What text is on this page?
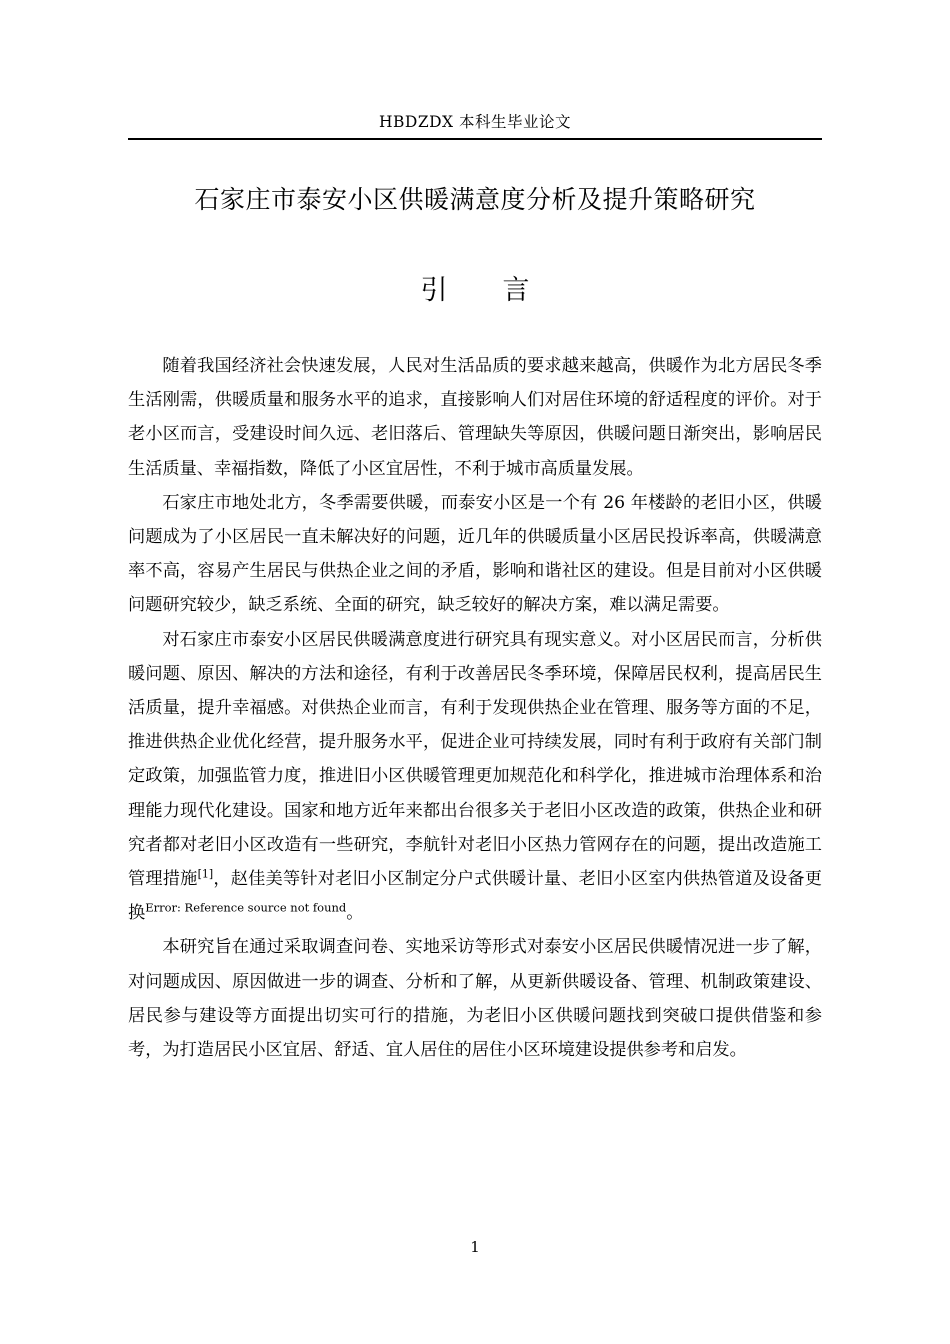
HBDZDX 本科生毕业论文
石家庄市泰安小区供暖满意度分析及提升策略研究
引　言

随着我国经济社会快速发展，人民对生活品质的要求越来越高，供暖作为北方居民冬季生活刚需，供暖质量和服务水平的追求，直接影响人们对居住环境的舒适程度的评价。对于老小区而言，受建设时间久远、老旧落后、管理缺失等原因，供暖问题日渐突出，影响居民生活质量、幸福指数，降低了小区宜居性，不利于城市高质量发展。

石家庄市地处北方，冬季需要供暖，而泰安小区是一个有 26 年楼龄的老旧小区，供暖问题成为了小区居民一直未解决好的问题，近几年的供暖质量小区居民投诉率高，供暖满意率不高，容易产生居民与供热企业之间的矛盾，影响和谐社区的建设。但是目前对小区供暖问题研究较少，缺乏系统、全面的研究，缺乏较好的解决方案，难以满足需要。

对石家庄市泰安小区居民供暖满意度进行研究具有现实意义。对小区居民而言，分析供暖问题、原因、解决的方法和途径，有利于改善居民冬季环境，保障居民权利，提高居民生活质量，提升幸福感。对供热企业而言，有利于发现供热企业在管理、服务等方面的不足，推进供热企业优化经营，提升服务水平，促进企业可持续发展，同时有利于政府有关部门制定政策，加强监管力度，推进旧小区供暖管理更加规范化和科学化，推进城市治理体系和治理能力现代化建设。国家和地方近年来都出台很多关于老旧小区改造的政策，供热企业和研究者都对老旧小区改造有一些研究，李航针对老旧小区热力管网存在的问题，提出改造施工管理措施[1]，赵佳美等针对老旧小区制定分户式供暖计量、老旧小区室内供热管道及设备更换$^{Error: Reference source not found}$。

本研究旨在通过采取调查问卷、实地采访等形式对泰安小区居民供暖情况进一步了解，对问题成因、原因做进一步的调查、分析和了解，从更新供暖设备、管理、机制政策建设、居民参与建设等方面提出切实可行的措施，为老旧小区供暖问题找到突破口提供借鉴和参考，为打造居民小区宜居、舒适、宜人居住的居住小区环境建设提供参考和启发。

1
